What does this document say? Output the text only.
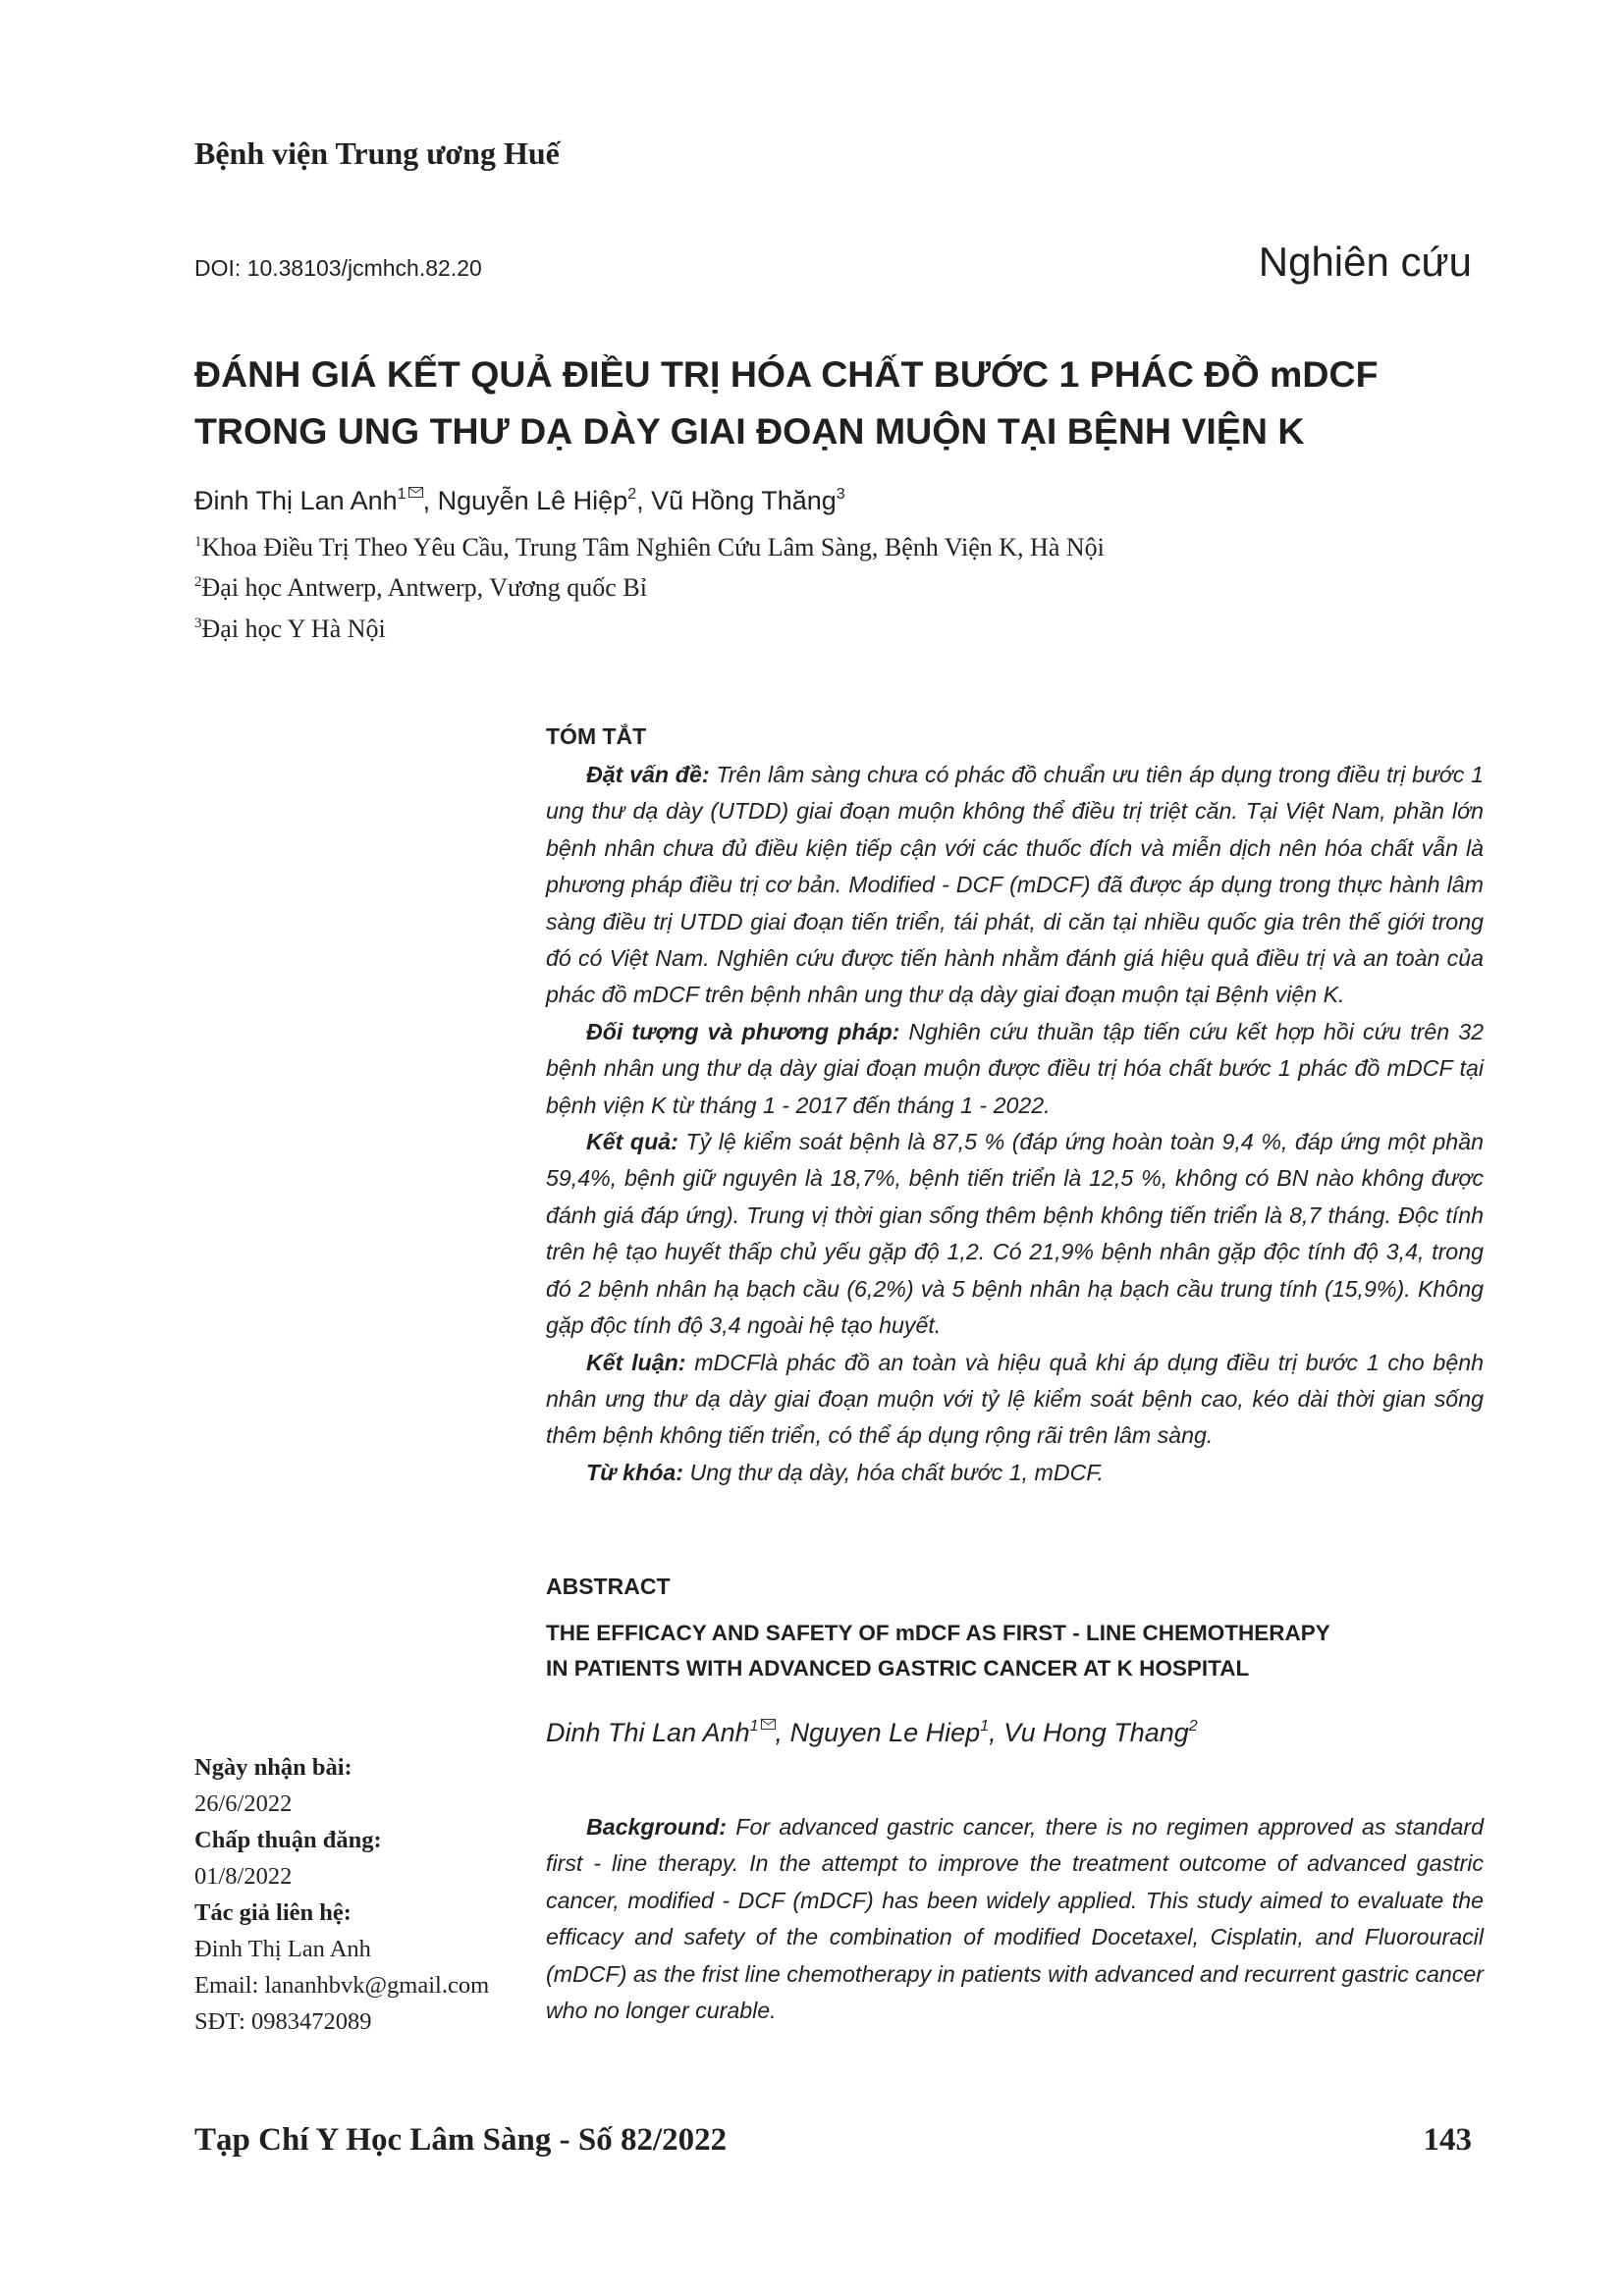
Bệnh viện Trung ương Huế
DOI: 10.38103/jcmhch.82.20	Nghiên cứu
ĐÁNH GIÁ KẾT QUẢ ĐIỀU TRỊ HÓA CHẤT BƯỚC 1 PHÁC ĐỒ mDCF
TRONG UNG THƯ DẠ DÀY GIAI ĐOẠN MUỘN TẠI BỆNH VIỆN K
Đinh Thị Lan Anh$^1$ , Nguyễn Lê Hiệp$^2$, Vũ Hồng Thăng$^3$
$^1$Khoa Điều Trị Theo Yêu Cầu, Trung Tâm Nghiên Cứu Lâm Sàng, Bệnh Viện K, Hà Nội
$^2$Đại học Antwerp, Antwerp, Vương quốc Bỉ
$^3$Đại học Y Hà Nội
TÓM TẮT

Đặt vấn đề: Trên lâm sàng chưa có phác đồ chuẩn ưu tiên áp dụng trong điều trị bước 1 ung thư dạ dày (UTDD) giai đoạn muộn không thể điều trị triệt căn. Tại Việt Nam, phần lớn bệnh nhân chưa đủ điều kiện tiếp cận với các thuốc đích và miễn dịch nên hóa chất vẫn là phương pháp điều trị cơ bản. Modified - DCF (mDCF) đã được áp dụng trong thực hành lâm sàng điều trị UTDD giai đoạn tiến triển, tái phát, di căn tại nhiều quốc gia trên thế giới trong đó có Việt Nam. Nghiên cứu được tiến hành nhằm đánh giá hiệu quả điều trị và an toàn của phác đồ mDCF trên bệnh nhân ung thư dạ dày giai đoạn muộn tại Bệnh viện K.

Đối tượng và phương pháp: Nghiên cứu thuần tập tiến cứu kết hợp hồi cứu trên 32 bệnh nhân ung thư dạ dày giai đoạn muộn được điều trị hóa chất bước 1 phác đồ mDCF tại bệnh viện K từ tháng 1 - 2017 đến tháng 1 - 2022.

Kết quả: Tỷ lệ kiểm soát bệnh là 87,5 % (đáp ứng hoàn toàn 9,4 %, đáp ứng một phần 59,4%, bệnh giữ nguyên là 18,7%, bệnh tiến triển là 12,5 %, không có BN nào không được đánh giá đáp ứng). Trung vị thời gian sống thêm bệnh không tiến triển là 8,7 tháng. Độc tính trên hệ tạo huyết thấp chủ yếu gặp độ 1,2. Có 21,9% bệnh nhân gặp độc tính độ 3,4, trong đó 2 bệnh nhân hạ bạch cầu (6,2%) và 5 bệnh nhân hạ bạch cầu trung tính (15,9%). Không gặp độc tính độ 3,4 ngoài hệ tạo huyết.

Kết luận: mDCFlà phác đồ an toàn và hiệu quả khi áp dụng điều trị bước 1 cho bệnh nhân ưng thư dạ dày giai đoạn muộn với tỷ lệ kiểm soát bệnh cao, kéo dài thời gian sống thêm bệnh không tiến triển, có thể áp dụng rộng rãi trên lâm sàng.

Từ khóa: Ung thư dạ dày, hóa chất bước 1, mDCF.

ABSTRACT
THE EFFICACY AND SAFETY OF mDCF AS FIRST - LINE CHEMOTHERAPY
IN PATIENTS WITH ADVANCED GASTRIC CANCER AT K HOSPITAL
Dinh Thi Lan Anh$^1$ , Nguyen Le Hiep$^1$, Vu Hong Thang$^2$

Background: For advanced gastric cancer, there is no regimen approved as standard first - line therapy. In the attempt to improve the treatment outcome of advanced gastric cancer, modified - DCF (mDCF) has been widely applied. This study aimed to evaluate the efficacy and safety of the combination of modified Docetaxel, Cisplatin, and Fluorouracil (mDCF) as the frist line chemotherapy in patients with advanced and recurrent gastric cancer who no longer curable.

Ngày nhận bài:
26/6/2022
Chấp thuận đăng:
01/8/2022
Tác giả liên hệ:
Đinh Thị Lan Anh
Email: lananhbvk@gmail.com
SĐT: 0983472089
Tạp Chí Y Học Lâm Sàng - Số 82/2022	143
